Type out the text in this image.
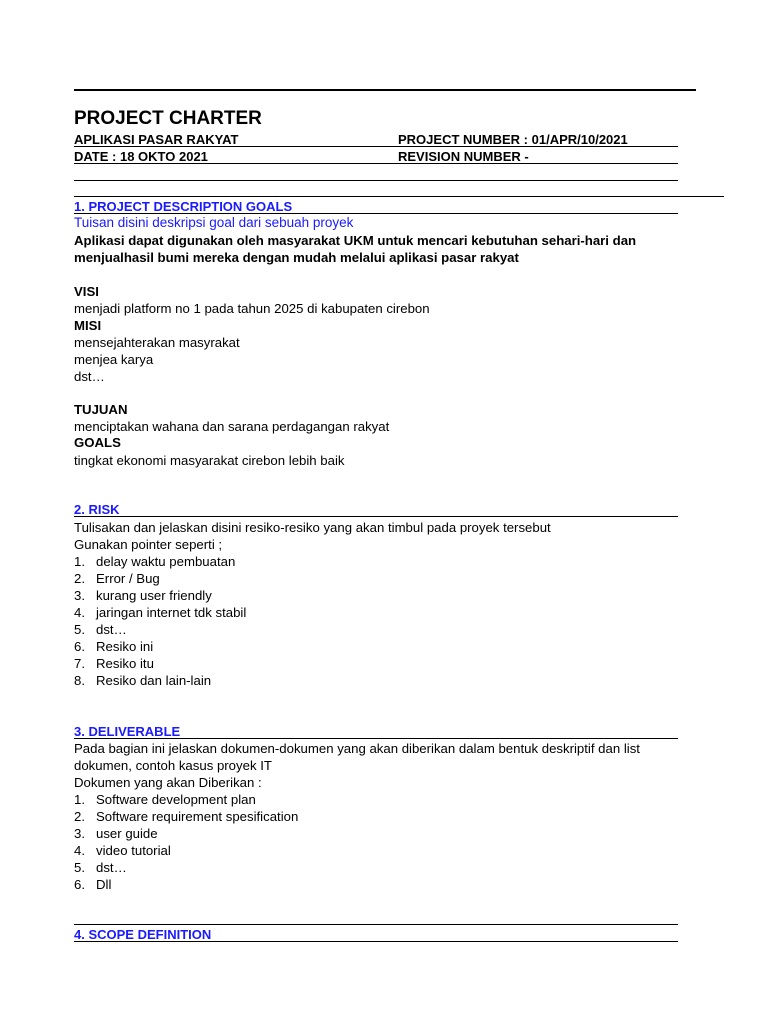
PROJECT CHARTER
APLIKASI PASAR RAKYAT	PROJECT NUMBER : 01/APR/10/2021
DATE : 18 OKTO 2021	REVISION NUMBER -
1. PROJECT DESCRIPTION GOALS
Tuisan disini deskripsi goal dari sebuah proyek

Aplikasi dapat digunakan oleh masyarakat UKM untuk mencari kebutuhan sehari-hari dan menjualhasil bumi mereka dengan mudah melalui aplikasi pasar rakyat

VISI
menjadi platform no 1 pada tahun 2025 di kabupaten cirebon
MISI
mensejahterakan masyrakat
menjea karya
dst…
TUJUAN
menciptakan wahana dan sarana perdagangan rakyat
GOALS
tingkat ekonomi masyarakat cirebon lebih baik
2. RISK
Tulisakan dan jelaskan disini resiko-resiko yang akan timbul pada proyek tersebut
Gunakan pointer seperti ;
1. delay waktu pembuatan
2. Error / Bug
3. kurang user friendly
4. jaringan internet tdk stabil
5. dst…
6. Resiko ini
7. Resiko itu
8. Resiko dan lain-lain
3. DELIVERABLE

Pada bagian ini jelaskan dokumen-dokumen yang akan diberikan dalam bentuk deskriptif dan list dokumen, contoh kasus proyek IT

Dokumen yang akan Diberikan :
1. Software development plan
2. Software requirement spesification
3. user guide
4. video tutorial
5. dst…
6. Dll
4. SCOPE DEFINITION
